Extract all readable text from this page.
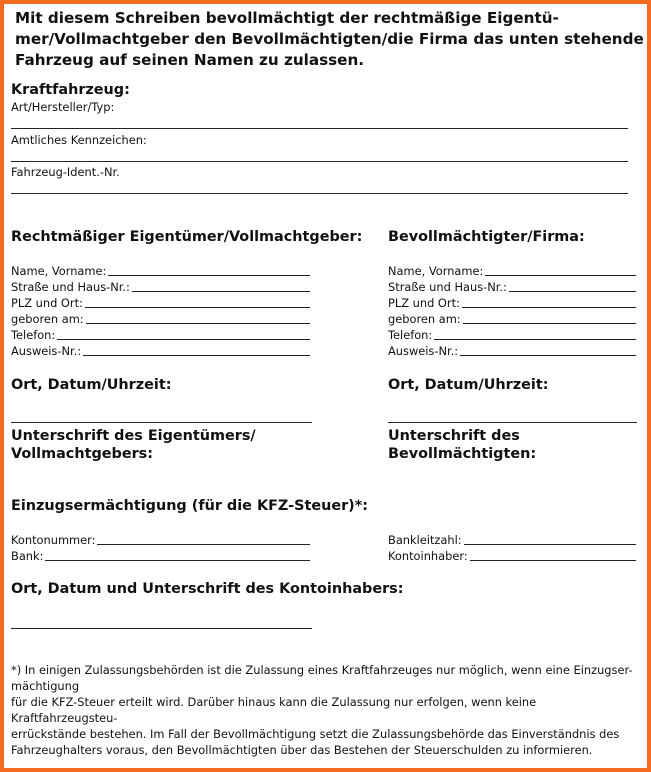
Mit diesem Schreiben bevollmächtigt der rechtmäßige Eigentü-
mer/Vollmachtgeber den Bevollmächtigten/die Firma das unten stehende
Fahrzeug auf seinen Namen zu zulassen.
Kraftfahrzeug:
Art/Hersteller/Typ:
Amtliches Kennzeichen:
Fahrzeug-Ident.-Nr.
Rechtmäßiger Eigentümer/Vollmachtgeber:
Name, Vorname:
Straße und Haus-Nr.:
PLZ und Ort:
geboren am:
Telefon:
Ausweis-Nr.:
Ort, Datum/Uhrzeit:
Unterschrift des Eigentümers/
Vollmachtgebers:
Bevollmächtigter/Firma:
Name, Vorname:
Straße und Haus-Nr.:
PLZ und Ort:
geboren am:
Telefon:
Ausweis-Nr.:
Ort, Datum/Uhrzeit:
Unterschrift des
Bevollmächtigten:
Einzugsermächtigung (für die KFZ-Steuer)*:
Kontonummer:
Bank:
Bankleitzahl:
Kontoinhaber:
Ort, Datum und Unterschrift des Kontoinhabers:

*) In einigen Zulassungsbehörden ist die Zulassung eines Kraftfahrzeuges nur möglich, wenn eine Einzugser-

mächtigung

für die KFZ-Steuer erteilt wird. Darüber hinaus kann die Zulassung nur erfolgen, wenn keine Kraftfahrzeugsteu-

errückstände bestehen. Im Fall der Bevollmächtigung setzt die Zulassungsbehörde das Einverständnis des

Fahrzeughalters voraus, den Bevollmächtigten über das Bestehen der Steuerschulden zu informieren.
